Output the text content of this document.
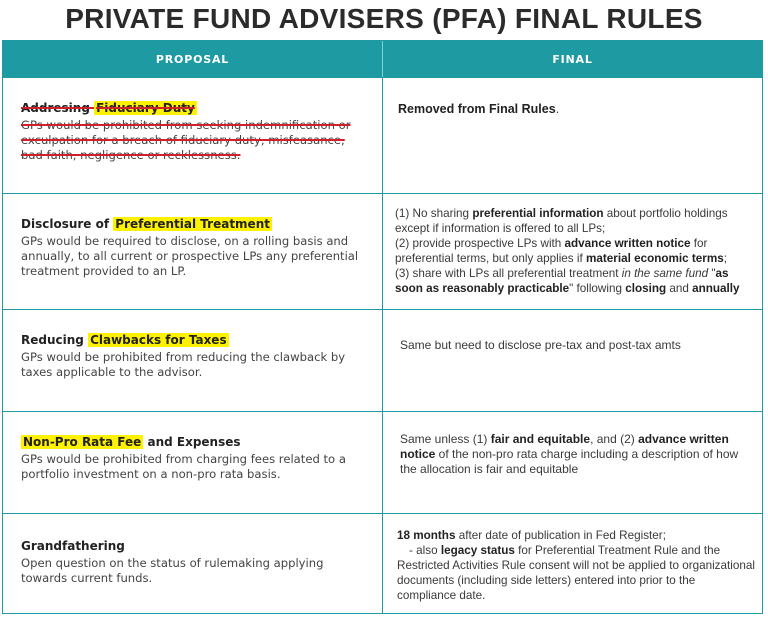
PRIVATE FUND ADVISERS (PFA) FINAL RULES
PROPOSAL	FINAL
Addresing Fiduciary Duty
GPs would be prohibited from seeking indemnification or exculpation for a breach of fiduciary duty, misfeasance, bad faith, negligence or recklessness.
Removed from Final Rules.
Disclosure of Preferential Treatment
GPs would be required to disclose, on a rolling basis and annually, to all current or prospective LPs any preferential treatment provided to an LP.
(1) No sharing preferential information about portfolio holdings except if information is offered to all LPs;
(2) provide prospective LPs with advance written notice for preferential terms, but only applies if material economic terms;
(3) share with LPs all preferential treatment in the same fund "as soon as reasonably practicable" following closing and annually
Reducing Clawbacks for Taxes
GPs would be prohibited from reducing the clawback by taxes applicable to the advisor.
Same but need to disclose pre-tax and post-tax amts
Non-Pro Rata Fee and Expenses
GPs would be prohibited from charging fees related to a portfolio investment on a non-pro rata basis.
Same unless (1) fair and equitable, and (2) advance written notice of the non-pro rata charge including a description of how the allocation is fair and equitable
Grandfathering
Open question on the status of rulemaking applying towards current funds.
18 months after date of publication in Fed Register;
- also legacy status for Preferential Treatment Rule and the Restricted Activities Rule consent will not be applied to organizational documents (including side letters) entered into prior to the compliance date.
